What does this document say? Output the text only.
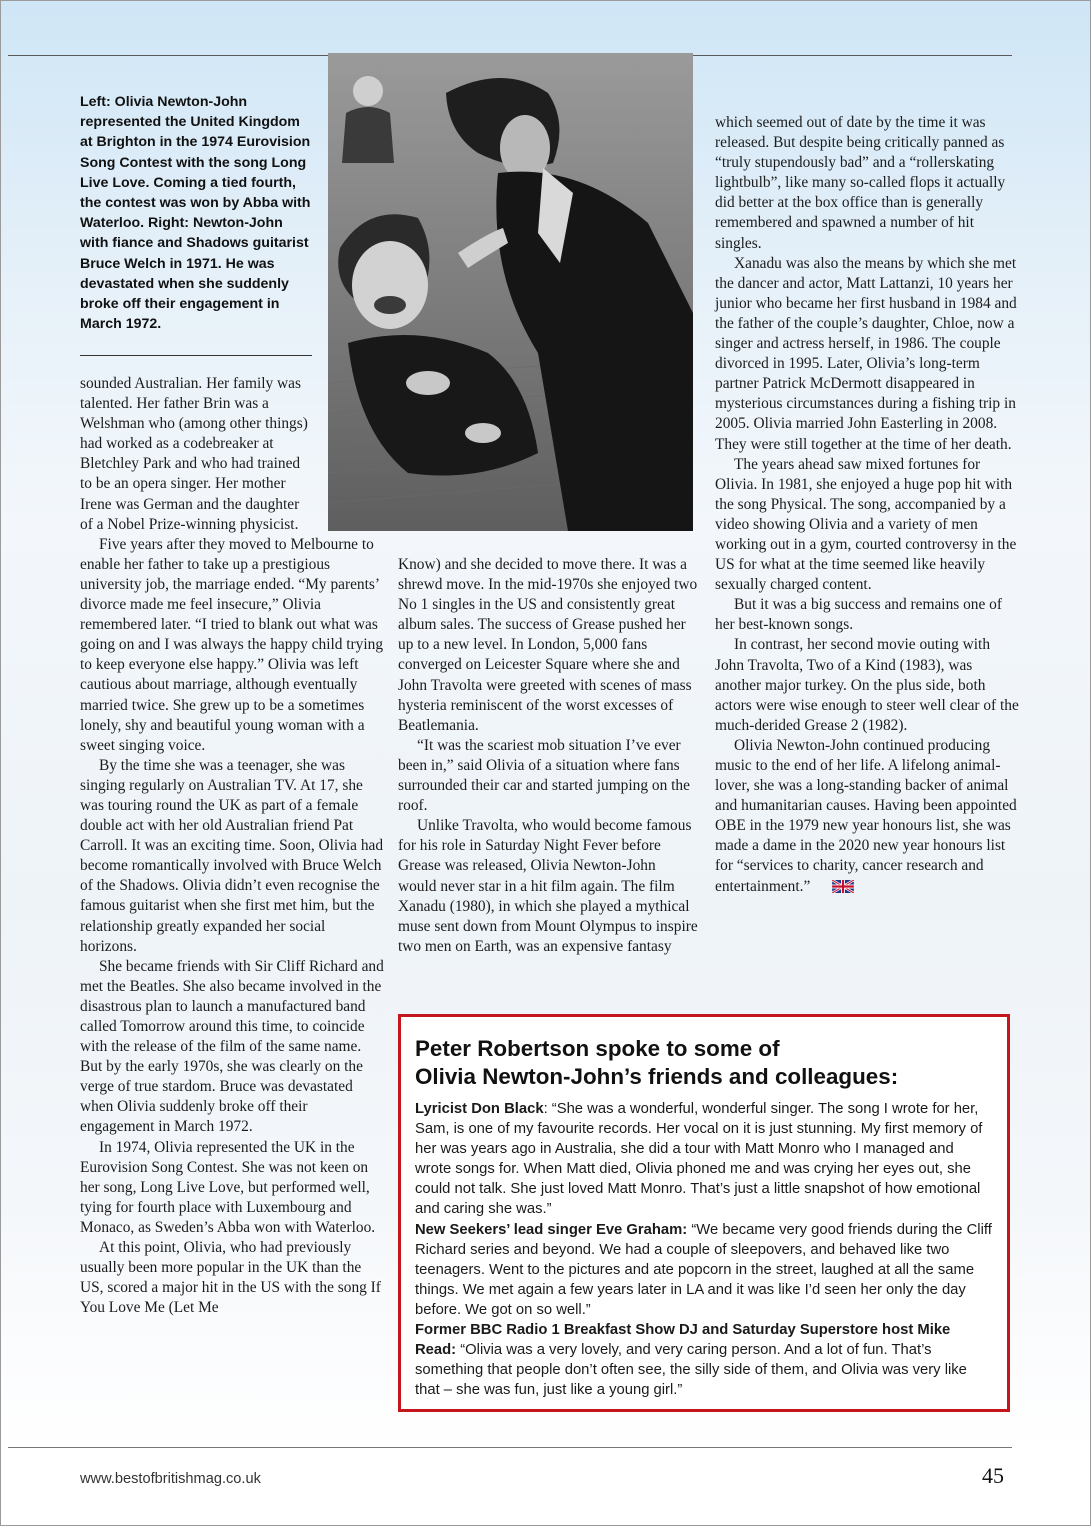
Left: Olivia Newton-John represented the United Kingdom at Brighton in the 1974 Eurovision Song Contest with the song Long Live Love. Coming a tied fourth, the contest was won by Abba with Waterloo. Right: Newton-John with fiance and Shadows guitarist Bruce Welch in 1971. He was devastated when she suddenly broke off their engagement in March 1972.

sounded Australian. Her family was talented. Her father Brin was a Welshman who (among other things) had worked as a codebreaker at Bletchley Park and who had trained to be an opera singer. Her mother Irene was German and the daughter of a Nobel Prize-winning physicist.

Five years after they moved to Melbourne to enable her father to take up a prestigious university job, the marriage ended. “My parents’ divorce made me feel insecure,” Olivia remembered later. “I tried to blank out what was going on and I was always the happy child trying to keep everyone else happy.” Olivia was left cautious about marriage, although eventually married twice. She grew up to be a sometimes lonely, shy and beautiful young woman with a sweet singing voice.

By the time she was a teenager, she was singing regularly on Australian TV. At 17, she was touring round the UK as part of a female double act with her old Australian friend Pat Carroll. It was an exciting time. Soon, Olivia had become romantically involved with Bruce Welch of the Shadows. Olivia didn’t even recognise the famous guitarist when she first met him, but the relationship greatly expanded her social horizons.

She became friends with Sir Cliff Richard and met the Beatles. She also became involved in the disastrous plan to launch a manufactured band called Tomorrow around this time, to coincide with the release of the film of the same name. But by the early 1970s, she was clearly on the verge of true stardom. Bruce was devastated when Olivia suddenly broke off their engagement in March 1972.

In 1974, Olivia represented the UK in the Eurovision Song Contest. She was not keen on her song, Long Live Love, but performed well, tying for fourth place with Luxembourg and Monaco, as Sweden’s Abba won with Waterloo.

At this point, Olivia, who had previously usually been more popular in the UK than the US, scored a major hit in the US with the song If You Love Me (Let Me

Know) and she decided to move there. It was a shrewd move. In the mid-1970s she enjoyed two No 1 singles in the US and consistently great album sales. The success of Grease pushed her up to a new level. In London, 5,000 fans converged on Leicester Square where she and John Travolta were greeted with scenes of mass hysteria reminiscent of the worst excesses of Beatlemania.

“It was the scariest mob situation I’ve ever been in,” said Olivia of a situation where fans surrounded their car and started jumping on the roof.

Unlike Travolta, who would become famous for his role in Saturday Night Fever before Grease was released, Olivia Newton-John would never star in a hit film again. The film Xanadu (1980), in which she played a mythical muse sent down from Mount Olympus to inspire two men on Earth, was an expensive fantasy

which seemed out of date by the time it was released. But despite being critically panned as “truly stupendously bad” and a “rollerskating lightbulb”, like many so-called flops it actually did better at the box office than is generally remembered and spawned a number of hit singles.

Xanadu was also the means by which she met the dancer and actor, Matt Lattanzi, 10 years her junior who became her first husband in 1984 and the father of the couple’s daughter, Chloe, now a singer and actress herself, in 1986. The couple divorced in 1995. Later, Olivia’s long-term partner Patrick McDermott disappeared in mysterious circumstances during a fishing trip in 2005. Olivia married John Easterling in 2008. They were still together at the time of her death.

The years ahead saw mixed fortunes for Olivia. In 1981, she enjoyed a huge pop hit with the song Physical. The song, accompanied by a video showing Olivia and a variety of men working out in a gym, courted controversy in the US for what at the time seemed like heavily sexually charged content.

But it was a big success and remains one of her best-known songs.

In contrast, her second movie outing with John Travolta, Two of a Kind (1983), was another major turkey. On the plus side, both actors were wise enough to steer well clear of the much-derided Grease 2 (1982).

Olivia Newton-John continued producing music to the end of her life. A lifelong animal-lover, she was a long-standing backer of animal and humanitarian causes. Having been appointed OBE in the 1979 new year honours list, she was made a dame in the 2020 new year honours list for “services to charity, cancer research and entertainment.”

Peter Robertson spoke to some of
Olivia Newton-John’s friends and colleagues:

Lyricist Don Black: “She was a wonderful, wonderful singer. The song I wrote for her, Sam, is one of my favourite records. Her vocal on it is just stunning. My first memory of her was years ago in Australia, she did a tour with Matt Monro who I managed and wrote songs for. When Matt died, Olivia phoned me and was crying her eyes out, she could not talk. She just loved Matt Monro. That’s just a little snapshot of how emotional and caring she was.”

New Seekers’ lead singer Eve Graham: “We became very good friends during the Cliff Richard series and beyond. We had a couple of sleepovers, and behaved like two teenagers. Went to the pictures and ate popcorn in the street, laughed at all the same things. We met again a few years later in LA and it was like I’d seen her only the day before. We got on so well.”

Former BBC Radio 1 Breakfast Show DJ and Saturday Superstore host Mike Read: “Olivia was a very lovely, and very caring person. And a lot of fun. That’s something that people don’t often see, the silly side of them, and Olivia was very like that – she was fun, just like a young girl.”

www.bestofbritishmag.co.uk	45
